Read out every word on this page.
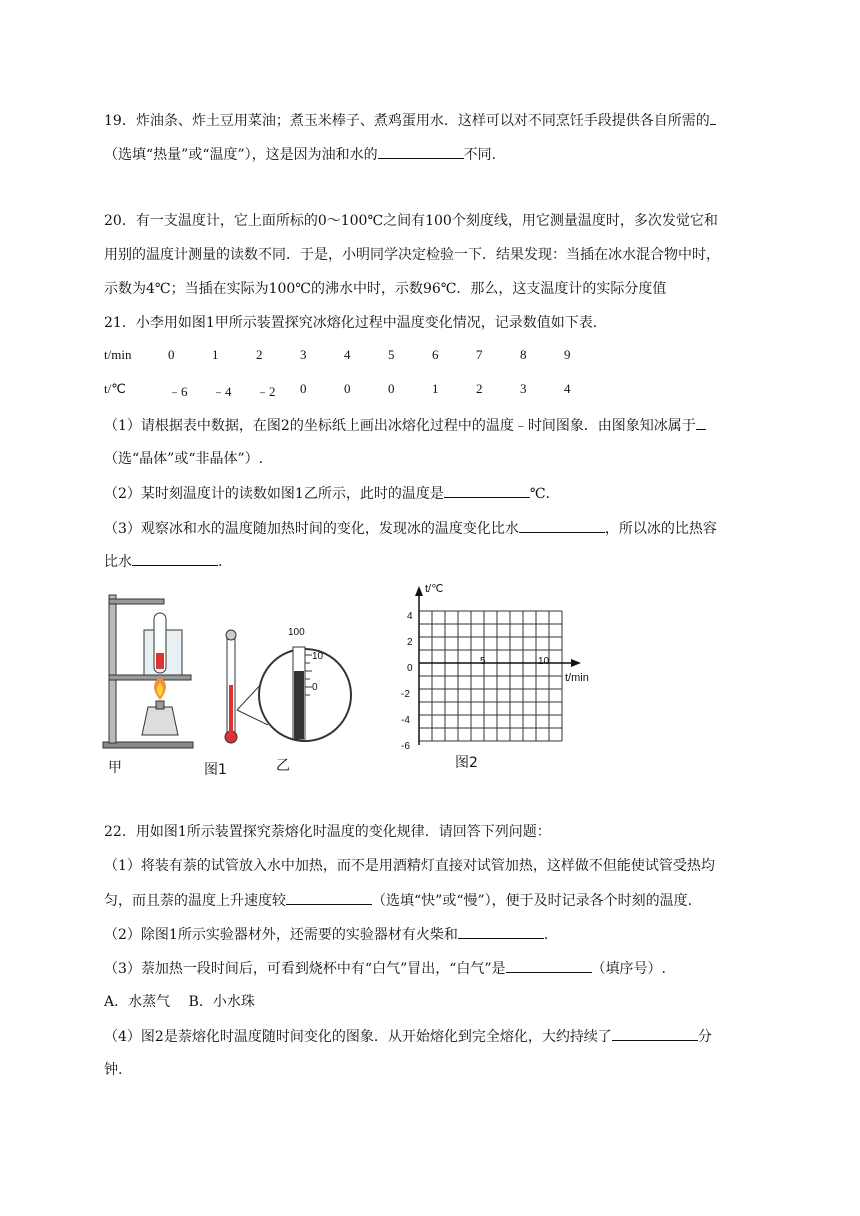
19．炸油条、炸土豆用菜油；煮玉米棒子、煮鸡蛋用水．这样可以对不同烹饪手段提供各自所需的
（选填“热量”或“温度”），这是因为油和水的	不同.
20．有一支温度计，它上面所标的0～100℃之间有100个刻度线，用它测量温度时，多次发觉它和
用别的温度计测量的读数不同．于是，小明同学决定检验一下．结果发现：当插在冰水混合物中时，
示数为4℃；当插在实际为100℃的沸水中时，示数96℃．那么，这支温度计的实际分度值
21．小李用如图1甲所示装置探究冰熔化过程中温度变化情况，记录数值如下表.
t/min	0	1	2	3	4	5	6	7	8	9
t/℃	﹣6 ﹣4 ﹣2 0	0	0	1	2	3	4
（1）请根据表中数据，在图2的坐标纸上画出冰熔化过程中的温度﹣时间图象．由图象知冰属于
（选“晶体”或“非晶体”）.
（2）某时刻温度计的读数如图1乙所示，此时的温度是	℃.
（3）观察冰和水的温度随加热时间的变化，发现冰的温度变化比水	，所以冰的比热容
比水	.
100
10
0
甲	图1	乙
t/℃
t/min
4
2
0
-2
-4
-6
5	10
图2
22．用如图1所示装置探究萘熔化时温度的变化规律．请回答下列问题：
（1）将装有萘的试管放入水中加热，而不是用酒精灯直接对试管加热，这样做不但能使试管受热均
匀，而且萘的温度上升速度较	（选填“快”或“慢”），便于及时记录各个时刻的温度.
（2）除图1所示实验器材外，还需要的实验器材有火柴和	.
（3）萘加热一段时间后，可看到烧杯中有“白气”冒出，“白气”是	（填序号）.
A．水蒸气　 B．小水珠
（4）图2是萘熔化时温度随时间变化的图象．从开始熔化到完全熔化，大约持续了	分
钟.
